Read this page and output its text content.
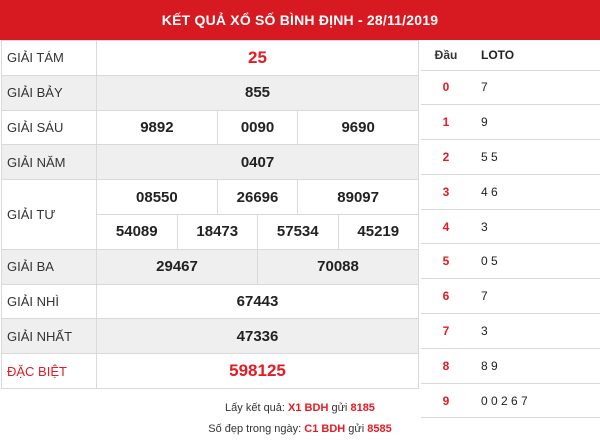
KẾT QUẢ XỔ SỐ BÌNH ĐỊNH - 28/11/2019
GIẢI TÁM	25					
GIẢI BẢY	855					
GIẢI SÁU	9892		0090		9690	
GIẢI NĂM	0407					
GIẢI TƯ	08550		26696		89097	
	54089	18473		57534		45219
GIẢI BA	29467			70088		
GIẢI NHÌ	67443					
GIẢI NHẤT	47336					
ĐẶC BIỆT	598125					
Đầu	LOTO
0	7
1	9
2	5 5
3	4 6
4	3
5	0 5
6	7
7	3
8	8 9
9	0 0 2 6 7
Lấy kết quả: X1 BDH gửi 8185
Số đẹp trong ngày: C1 BDH gửi 8585
